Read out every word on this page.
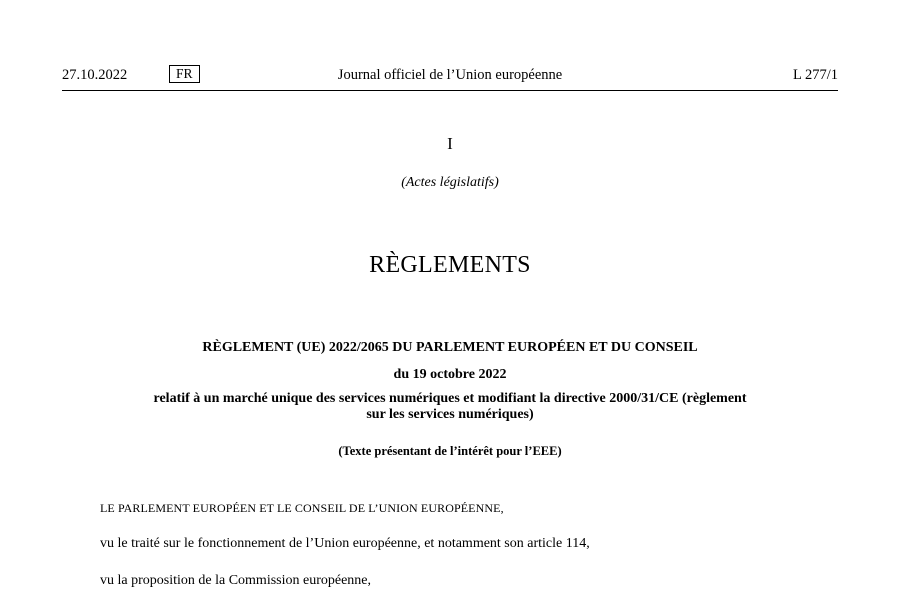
27.10.2022	FR	Journal officiel de l’Union européenne	L 277/1
I
(Actes législatifs)
RÈGLEMENTS
RÈGLEMENT (UE) 2022/2065 DU PARLEMENT EUROPÉEN ET DU CONSEIL
du 19 octobre 2022
relatif à un marché unique des services numériques et modifiant la directive 2000/31/CE (règlement
sur les services numériques)
(Texte présentant de l’intérêt pour l’EEE)
LE PARLEMENT EUROPÉEN ET LE CONSEIL DE L’UNION EUROPÉENNE,
vu le traité sur le fonctionnement de l’Union européenne, et notamment son article 114,
vu la proposition de la Commission européenne,
